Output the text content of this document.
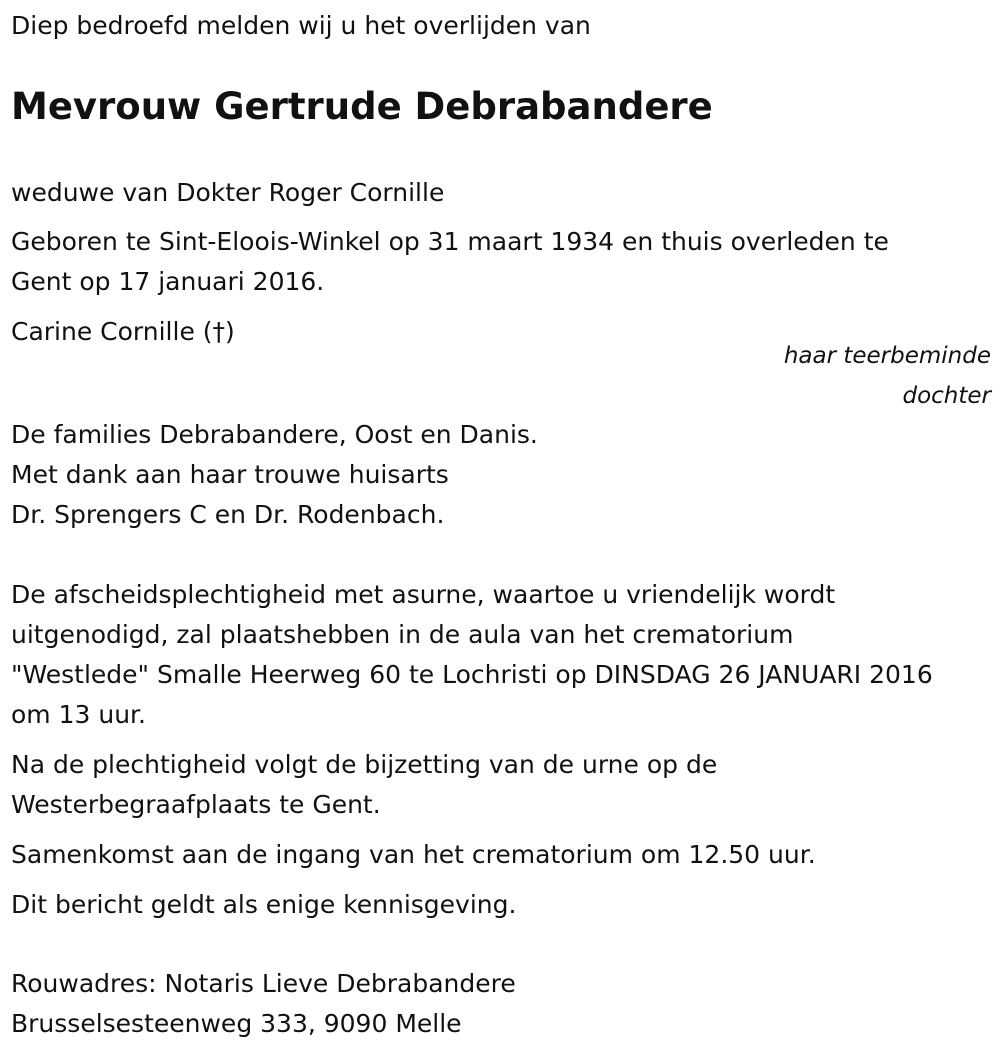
Diep bedroefd melden wij u het overlijden van

Mevrouw Gertrude Debrabandere

weduwe van Dokter Roger Cornille

Geboren te Sint-Eloois-Winkel op 31 maart 1934 en thuis overleden te

Gent op 17 januari 2016.

Carine Cornille (†)

haar teerbeminde
dochter

De families Debrabandere, Oost en Danis.

Met dank aan haar trouwe huisarts

Dr. Sprengers C en Dr. Rodenbach.

De afscheidsplechtigheid met asurne, waartoe u vriendelijk wordt

uitgenodigd, zal plaatshebben in de aula van het crematorium

"Westlede" Smalle Heerweg 60 te Lochristi op DINSDAG 26 JANUARI 2016

om 13 uur.

Na de plechtigheid volgt de bijzetting van de urne op de

Westerbegraafplaats te Gent.

Samenkomst aan de ingang van het crematorium om 12.50 uur.

Dit bericht geldt als enige kennisgeving.

Rouwadres: Notaris Lieve Debrabandere

Brusselsesteenweg 333, 9090 Melle
